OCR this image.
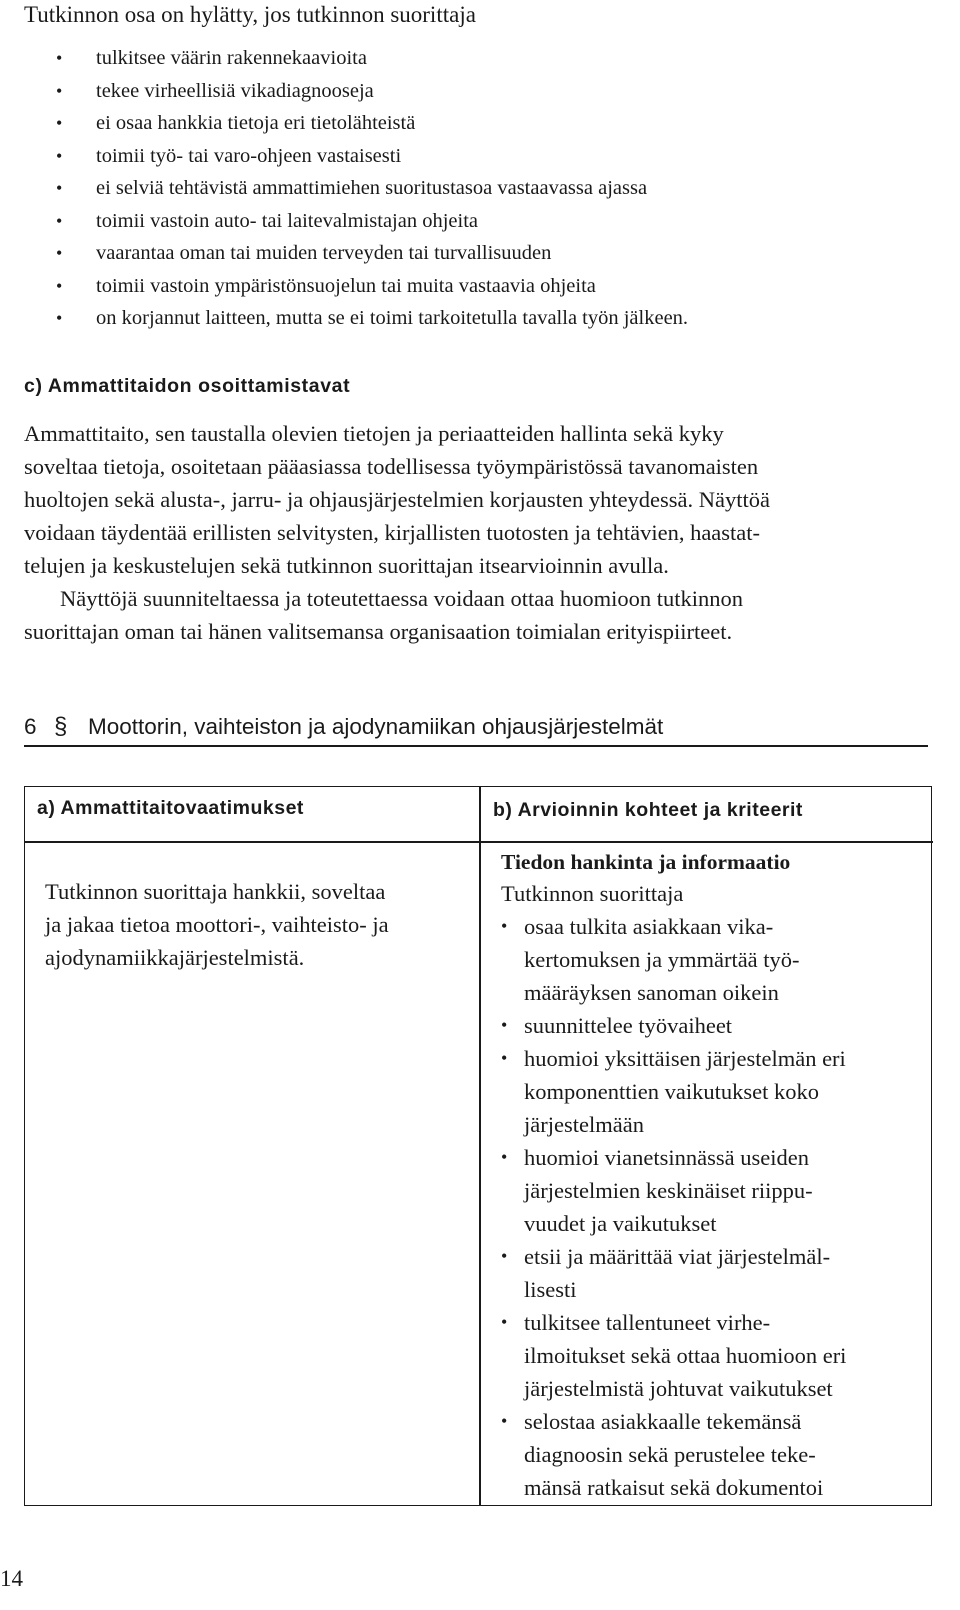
Tutkinnon osa on hylätty, jos tutkinnon suorittaja
• tulkitsee väärin rakennekaavioita
• tekee virheellisiä vikadiagnooseja
• ei osaa hankkia tietoja eri tietolähteistä
• toimii työ- tai varo-ohjeen vastaisesti
• ei selviä tehtävistä ammattimiehen suoritustasoa vastaavassa ajassa
• toimii vastoin auto- tai laitevalmistajan ohjeita
• vaarantaa oman tai muiden terveyden tai turvallisuuden
• toimii vastoin ympäristönsuojelun tai muita vastaavia ohjeita
• on korjannut laitteen, mutta se ei toimi tarkoitetulla tavalla työn jälkeen.
c) Ammattitaidon osoittamistavat
Ammattitaito, sen taustalla olevien tietojen ja periaatteiden hallinta sekä kyky
soveltaa tietoja, osoitetaan pääasiassa todellisessa työympäristössä tavanomaisten
huoltojen sekä alusta-, jarru- ja ohjausjärjestelmien korjausten yhteydessä. Näyttöä
voidaan täydentää erillisten selvitysten, kirjallisten tuotosten ja tehtävien, haastat-
telujen ja keskustelujen sekä tutkinnon suorittajan itsearvioinnin avulla.
Näyttöjä suunniteltaessa ja toteutettaessa voidaan ottaa huomioon tutkinnon
suorittajan oman tai hänen valitsemansa organisaation toimialan erityispiirteet.
6 § Moottorin, vaihteiston ja ajodynamiikan ohjausjärjestelmät
a) Ammattitaitovaatimukset	b) Arvioinnin kohteet ja kriteerit
Tutkinnon suorittaja hankkii, soveltaa
ja jakaa tietoa moottori-, vaihteisto- ja
ajodynamiikkajärjestelmistä.
Tiedon hankinta ja informaatio
Tutkinnon suorittaja
• osaa tulkita asiakkaan vika-
kertomuksen ja ymmärtää työ-
määräyksen sanoman oikein
• suunnittelee työvaiheet
• huomioi yksittäisen järjestelmän eri
komponenttien vaikutukset koko
järjestelmään
• huomioi vianetsinnässä useiden
järjestelmien keskinäiset riippu-
vuudet ja vaikutukset
• etsii ja määrittää viat järjestelmäl-
lisesti
• tulkitsee tallentuneet virhe-
ilmoitukset sekä ottaa huomioon eri
järjestelmistä johtuvat vaikutukset
• selostaa asiakkaalle tekemänsä
diagnoosin sekä perustelee teke-
mänsä ratkaisut sekä dokumentoi
14
